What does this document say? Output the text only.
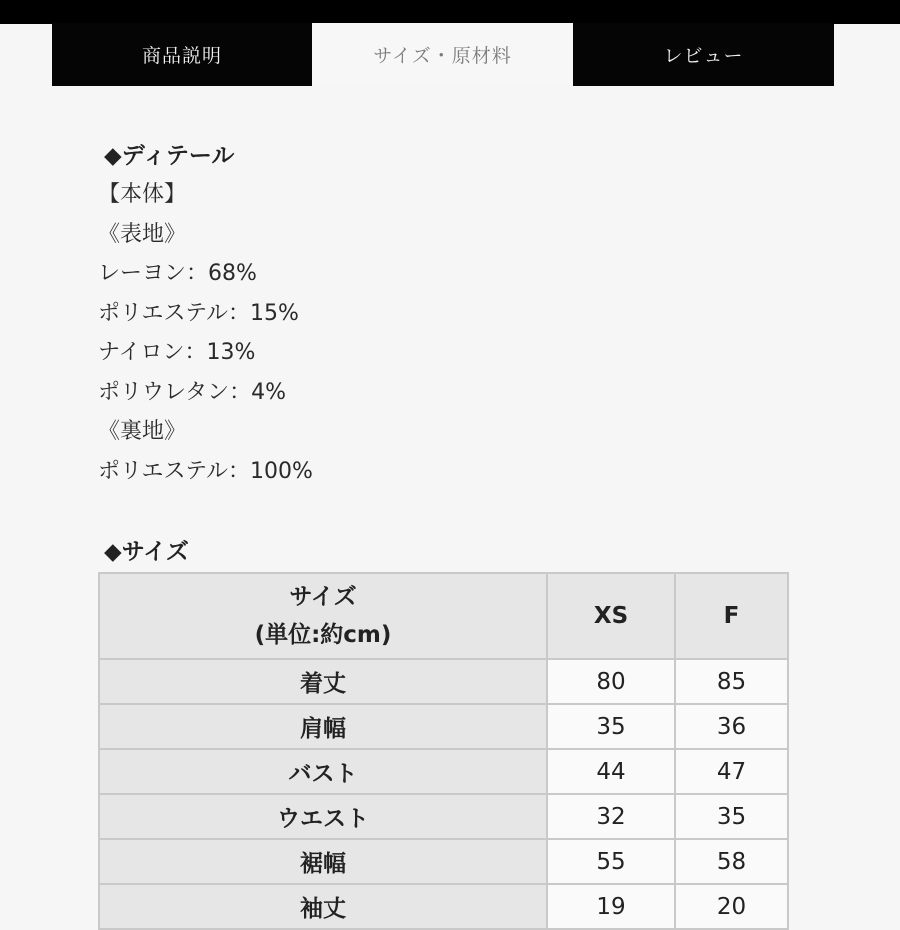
商品説明	サイズ・原材料	レビュー
◆ディテール
【本体】
《表地》
レーヨン：68%
ポリエステル：15%
ナイロン：13%
ポリウレタン：4%
《裏地》
ポリエステル：100%
◆サイズ
サイズ
(単位:約cm)	XS	F
着丈	80	85
肩幅	35	36
バスト	44	47
ウエスト	32	35
裾幅	55	58
袖丈	19	20
